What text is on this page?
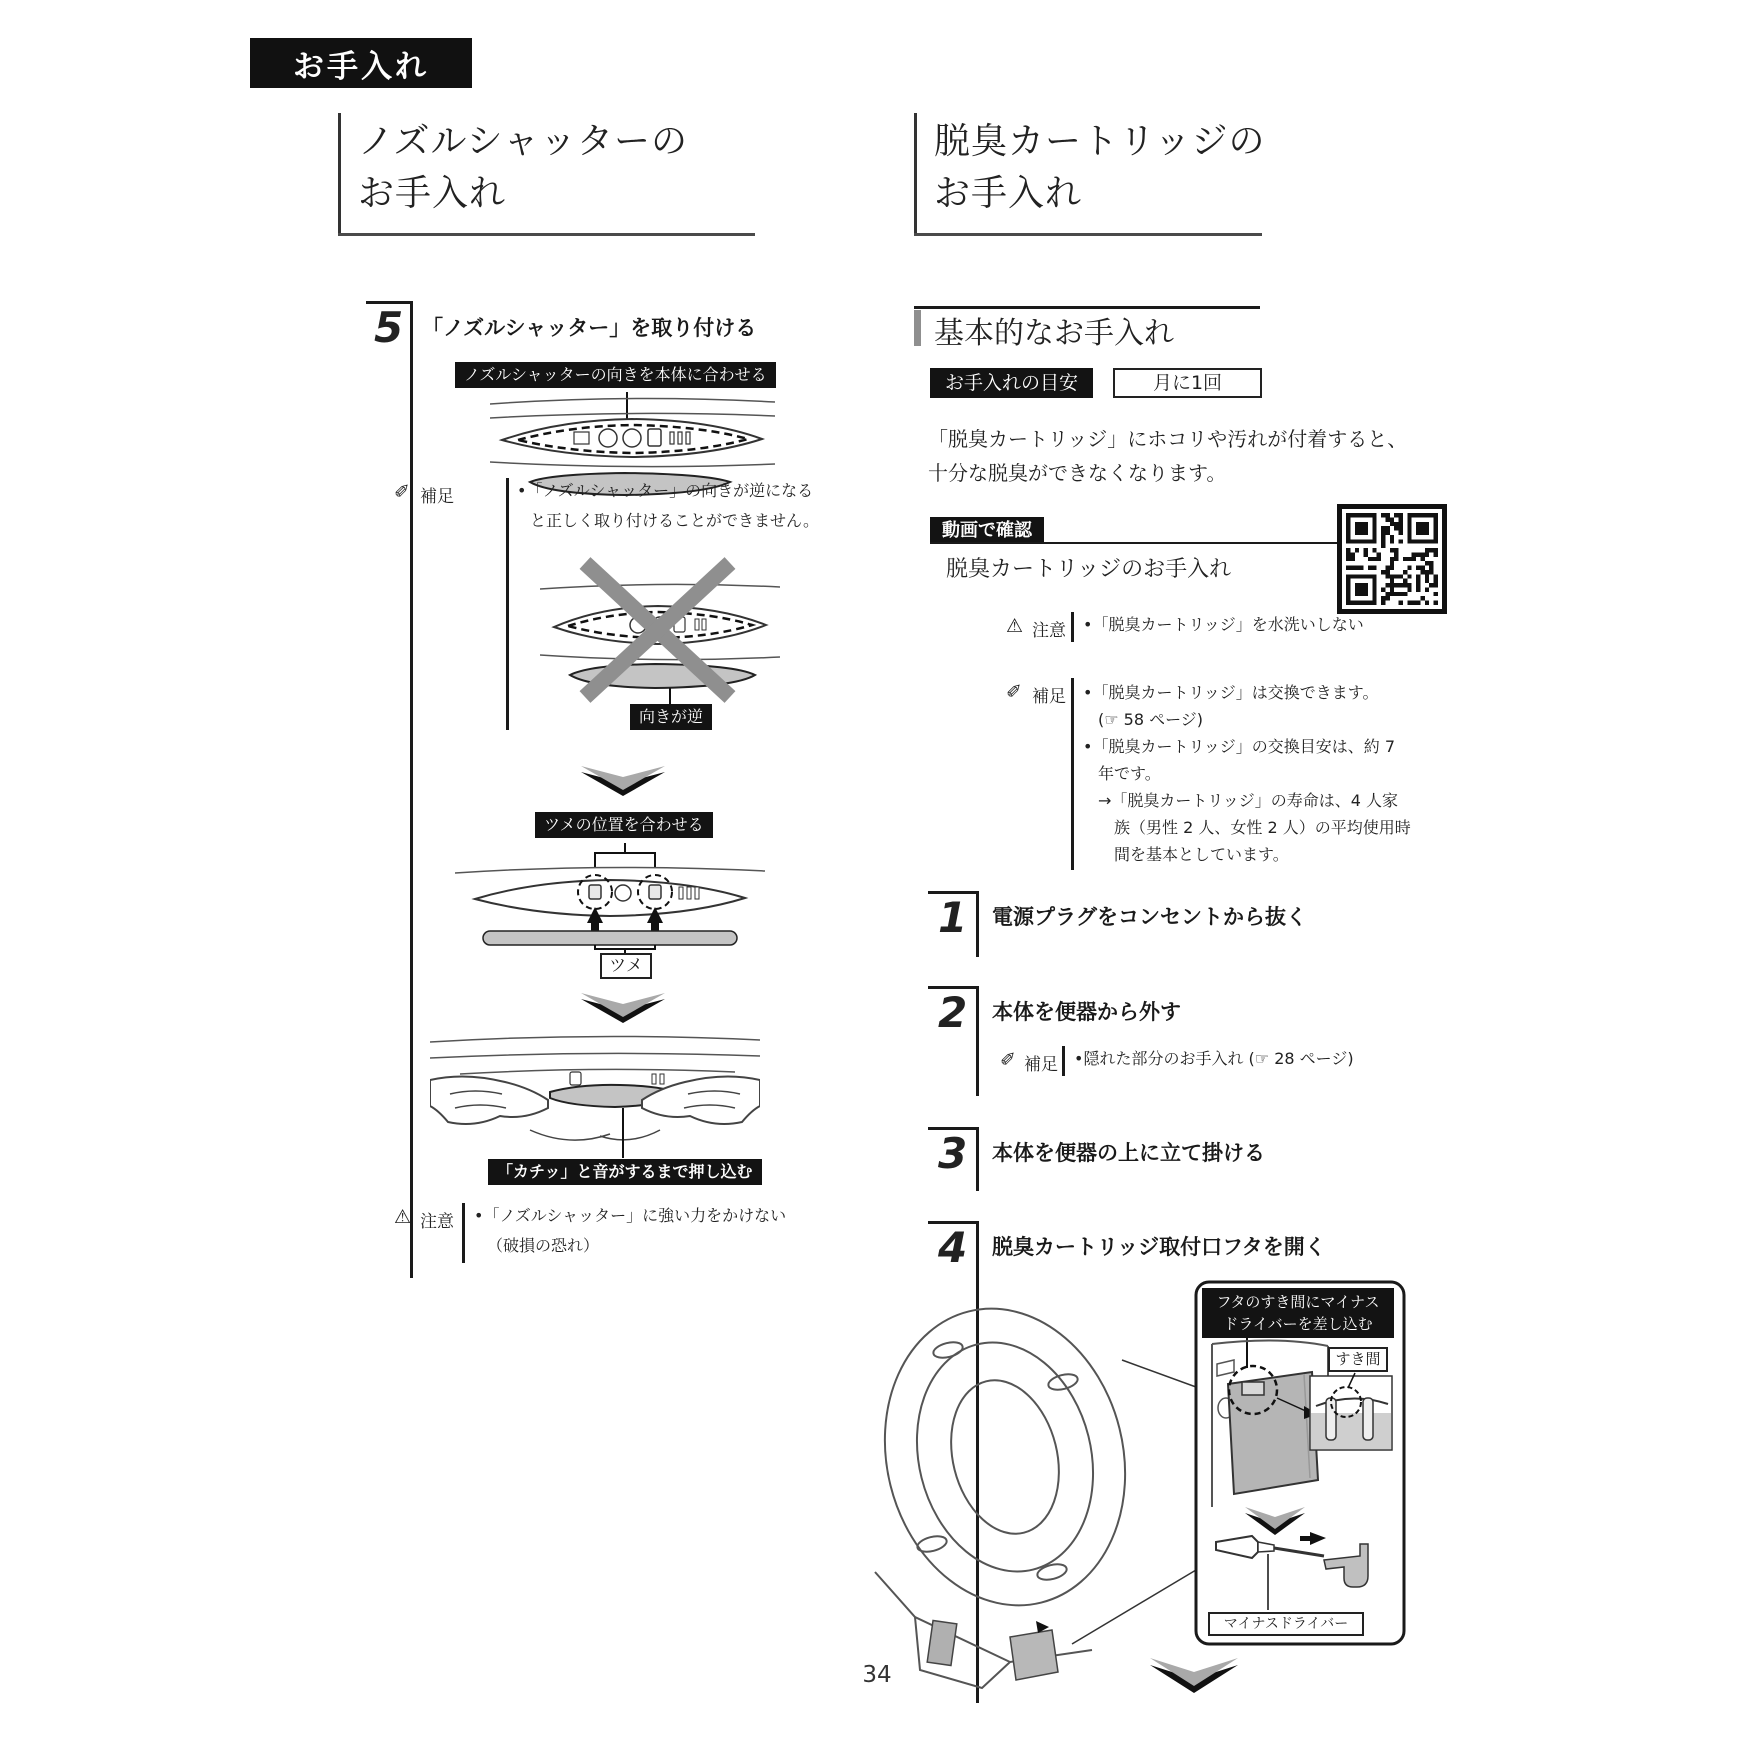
お手入れ
ノズルシャッターの
お手入れ
5 「ノズルシャッター」を取り付ける
ノズルシャッターの向きを本体に合わせる
✐ 補足	•「ノズルシャッター」の向きが逆になる
と正しく取り付けることができません。
向きが逆
ツメの位置を合わせる
ツメ
「カチッ」と音がするまで押し込む
⚠ 注意 •「ノズルシャッター」に強い力をかけない
（破損の恐れ）
脱臭カートリッジの
お手入れ
基本的なお手入れ
お手入れの目安	月に1回
「脱臭カートリッジ」にホコリや汚れが付着すると、
十分な脱臭ができなくなります。
動画で確認
脱臭カートリッジのお手入れ
⚠ 注意 •「脱臭カートリッジ」を水洗いしない
✐ 補足 •「脱臭カートリッジ」は交換できます。
(☞ 58 ページ)
•「脱臭カートリッジ」の交換目安は、約 7
年です。
→「脱臭カートリッジ」の寿命は、4 人家
族（男性 2 人、女性 2 人）の平均使用時
間を基本としています。
1 電源プラグをコンセントから抜く
2 本体を便器から外す
✐ 補足 •隠れた部分のお手入れ (☞ 28 ページ)
3 本体を便器の上に立て掛ける
4 脱臭カートリッジ取付口フタを開く
フタのすき間にマイナス
ドライバーを差し込む
すき間
マイナスドライバー
34
